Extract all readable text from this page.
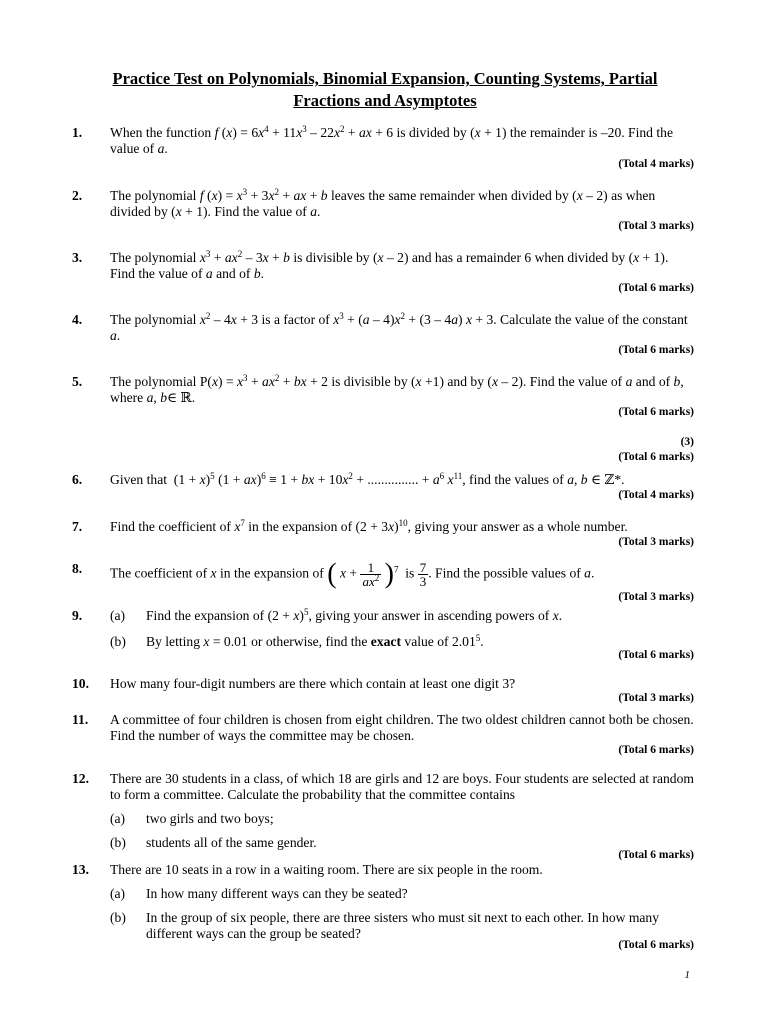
Practice Test on Polynomials, Binomial Expansion, Counting Systems, Partial
Fractions and Asymptotes
1. When the function f $(x) = 6x^4 + 11x^3 - 22x^2$ + ax + 6 is divided by (x + 1) the remainder is –20. Find the value of a.
(Total 4 marks)
2. The polynomial f $(x) = x^3 + 3x^2$ + ax + b leaves the same remainder when divided by (x – 2) as when divided by (x + 1). Find the value of a.
(Total 3 marks)
3. The polynomial $x^3 + ax^2 - 3x + b$ is divisible by (x – 2) and has a remainder 6 when divided by (x + 1). Find the value of a and of b.
(Total 6 marks)
4. The polynomial $x^2 - 4x + 3$ is a factor of $x^3 + (a - 4)x^2 + (3 - 4a) x + 3$. Calculate the value of the constant a.
(Total 6 marks)
5. The polynomial $P(x) = x^3 + ax^2$ + bx + 2 is divisible by (x +1) and by (x – 2). Find the value of a and of b, where a, b∈ ℝ.
(Total 6 marks)
(3)
(Total 6 marks)
6. Given that  $(1 + x)^5$ (1 + ax)$^6$ ≡ 1 + bx + $10x^2$ + ............... + $a^6$ $x^{11}$, find the values of a, b ∈ ℤ*.
(Total 4 marks)
7. Find the coefficient of $x^7$ in the expansion of $(2 + 3x)^{10}$, giving your answer as a whole number.
(Total 3 marks)
8. The coefficient of x in the expansion of ( $x + \frac{1}{ax^2} )^7$  is $\frac{7}{3}$ . Find the possible values of a.
(Total 3 marks)
9. (a) Find the expansion of $(2 + x)^5$, giving your answer in ascending powers of x.
(b) By letting x = 0.01 or otherwise, find the exact value of 2.01$^5$.
(Total 6 marks)
10. How many four-digit numbers are there which contain at least one digit 3?
(Total 3 marks)
11. A committee of four children is chosen from eight children. The two oldest children cannot both be chosen. Find the number of ways the committee may be chosen.
(Total 6 marks)
12. There are 30 students in a class, of which 18 are girls and 12 are boys. Four students are selected at random to form a committee. Calculate the probability that the committee contains
(a) two girls and two boys;
(b) students all of the same gender.
(Total 6 marks)
13. There are 10 seats in a row in a waiting room. There are six people in the room.
(a) In how many different ways can they be seated?
(b) In the group of six people, there are three sisters who must sit next to each other. In how many different ways can the group be seated?
(Total 6 marks)
1
